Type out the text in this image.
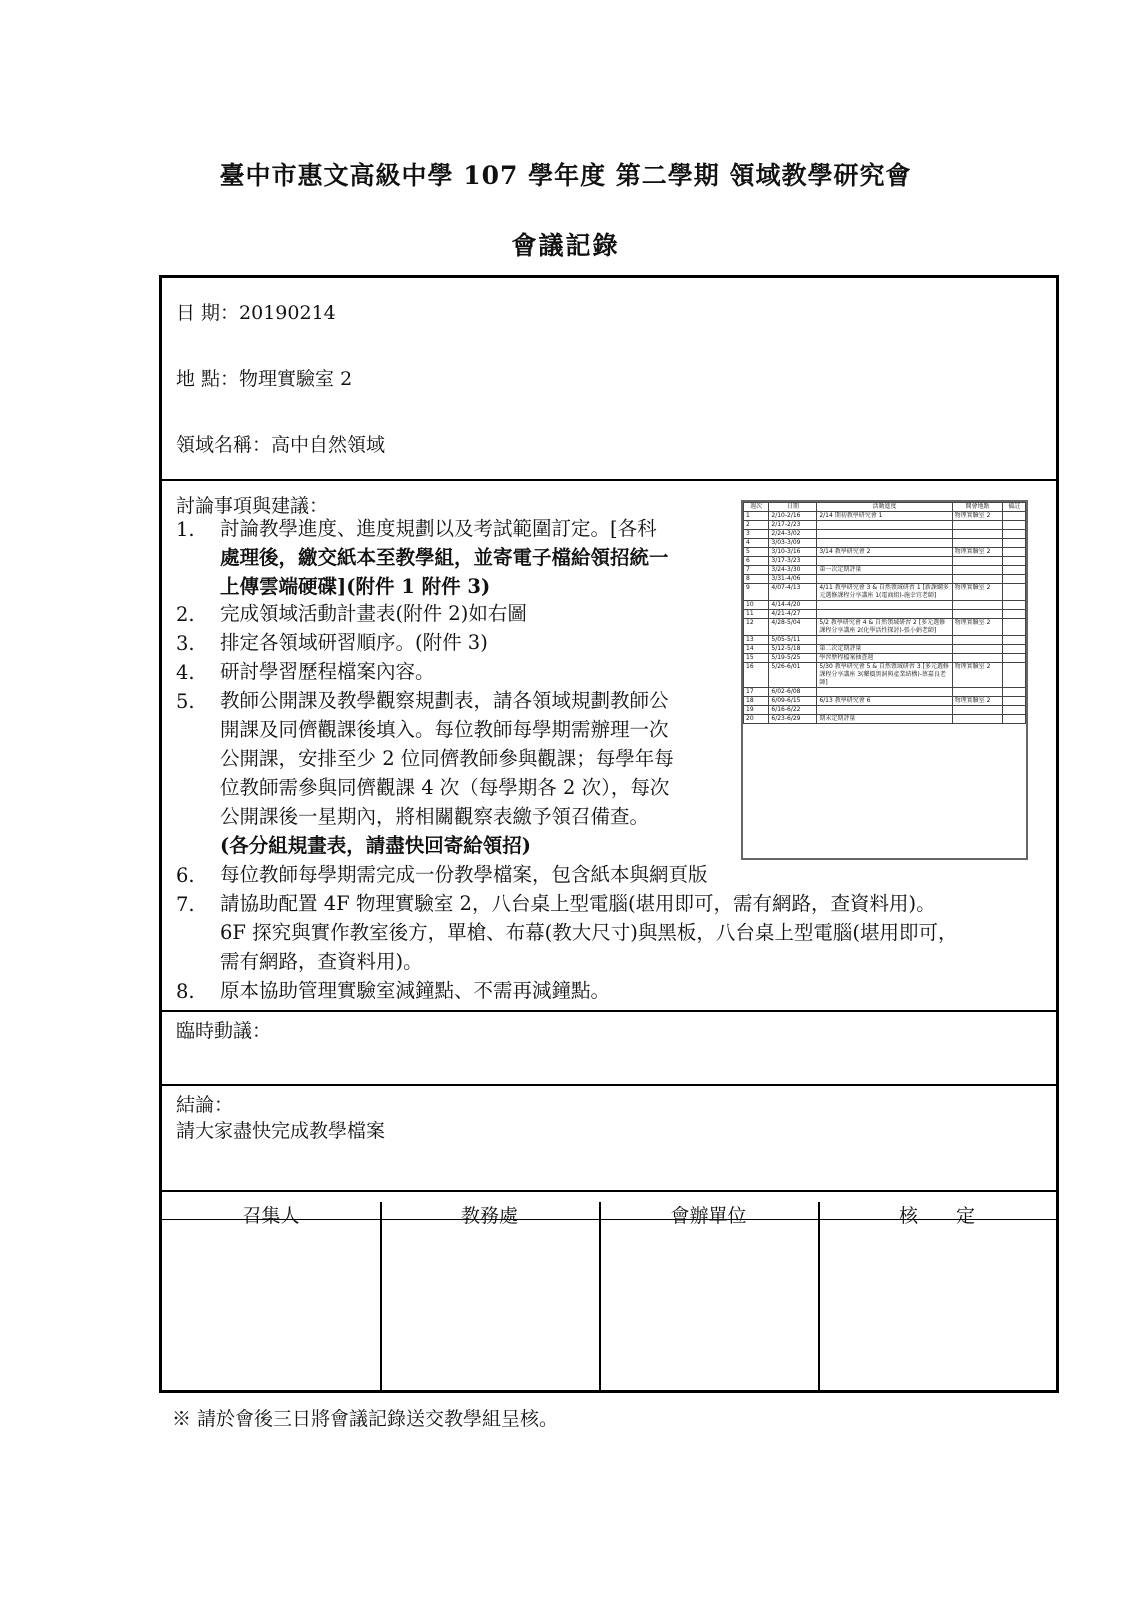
臺中市惠文高級中學 107 學年度 第二學期 領域教學研究會
會議記錄
日 期：20190214
地 點：物理實驗室 2
領域名稱：高中自然領域
討論事項與建議：
1. 討論教學進度、進度規劃以及考試範圍訂定。[各科
處理後，繳交紙本至教學組，並寄電子檔給領招統一
上傳雲端硬碟](附件 1 附件 3)
2. 完成領域活動計畫表(附件 2)如右圖
3. 排定各領域研習順序。(附件 3)
4. 研討學習歷程檔案內容。
5. 教師公開課及教學觀察規劃表，請各領域規劃教師公
開課及同儕觀課後填入。每位教師每學期需辦理一次
公開課，安排至少 2 位同儕教師參與觀課；每學年每
位教師需參與同儕觀課 4 次（每學期各 2 次），每次
公開課後一星期內，將相關觀察表繳予領召備查。
(各分組規畫表，請盡快回寄給領招)
6. 每位教師每學期需完成一份教學檔案，包含紙本與網頁版
7. 請協助配置 4F 物理實驗室 2，八台桌上型電腦(堪用即可，需有網路，查資料用)。
6F 探究與實作教室後方，單槍、布幕(教大尺寸)與黑板，八台桌上型電腦(堪用即可，
需有網路，查資料用)。
8. 原本協助管理實驗室減鐘點、不需再減鐘點。
週次	日期	活動進度	開會地點	備註
1	2/10-2/16	2/14 期初教學研究會 1	物理實驗室 2	
2	2/17-2/23			
3	2/24-3/02			
4	3/03-3/09			
5	3/10-3/16	3/14 教學研究會 2	物理實驗室 2	
6	3/17-3/23			
7	3/24-3/30	第一次定期評量		
8	3/31-4/06			
9	4/07-4/13	4/11 教學研究會 3 & 自然領域研習 1 [新課綱多元選修課程分享講座 1(電商組)-施幸宜老師]	物理實驗室 2	
10	4/14-4/20			
11	4/21-4/27			
12	4/28-5/04	5/2 教學研究會 4 & 自然領域研習 2 [多元選修課程分享講座 2(化學活性探討)-張小娟老師]	物理實驗室 2	
13	5/05-5/11			
14	5/12-5/18	第二次定期評量		
15	5/19-5/25	學習歷程檔案抽查週		
16	5/26-6/01	5/30 教學研究會 5 & 自然領域研習 3 [多元選修課程分享講座 3(藥價黑洞與產業結構)-蔡嘉良老師]	物理實驗室 2	
17	6/02-6/08			
18	6/09-6/15	6/13 教學研究會 6	物理實驗室 2	
19	6/16-6/22			
20	6/23-6/29	期末定期評量		
臨時動議：
結論：
請大家盡快完成教學檔案
召集人	教務處	會辦單位	核　　定
※ 請於會後三日將會議記錄送交教學組呈核。
